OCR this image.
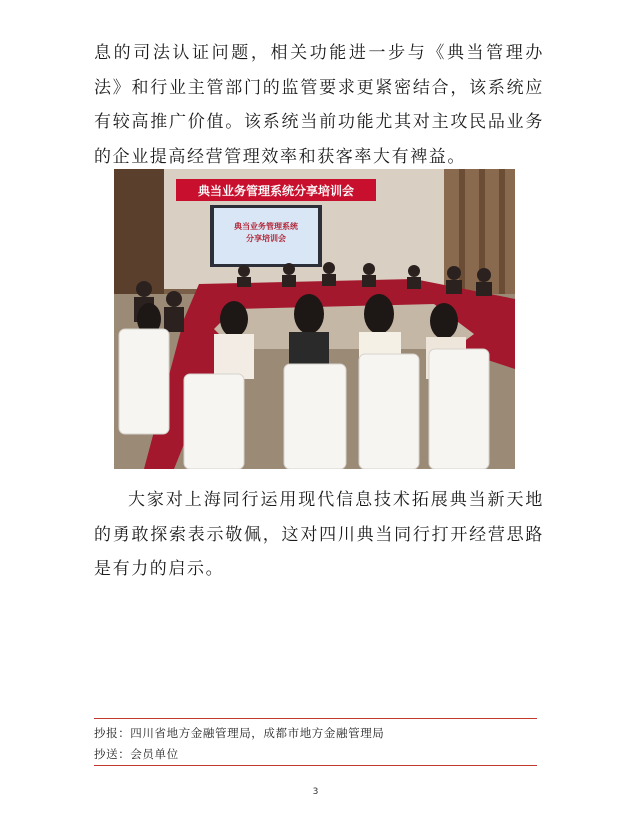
息的司法认证问题，相关功能进一步与《典当管理办法》和行业主管部门的监管要求更紧密结合，该系统应有较高推广价值。该系统当前功能尤其对主攻民品业务的企业提高经营管理效率和获客率大有裨益。

典当业务管理系统分享培训会
典当业务管理系统
分享培训会

大家对上海同行运用现代信息技术拓展典当新天地的勇敢探索表示敬佩，这对四川典当同行打开经营思路是有力的启示。

抄报：四川省地方金融管理局，成都市地方金融管理局
抄送：会员单位
3
